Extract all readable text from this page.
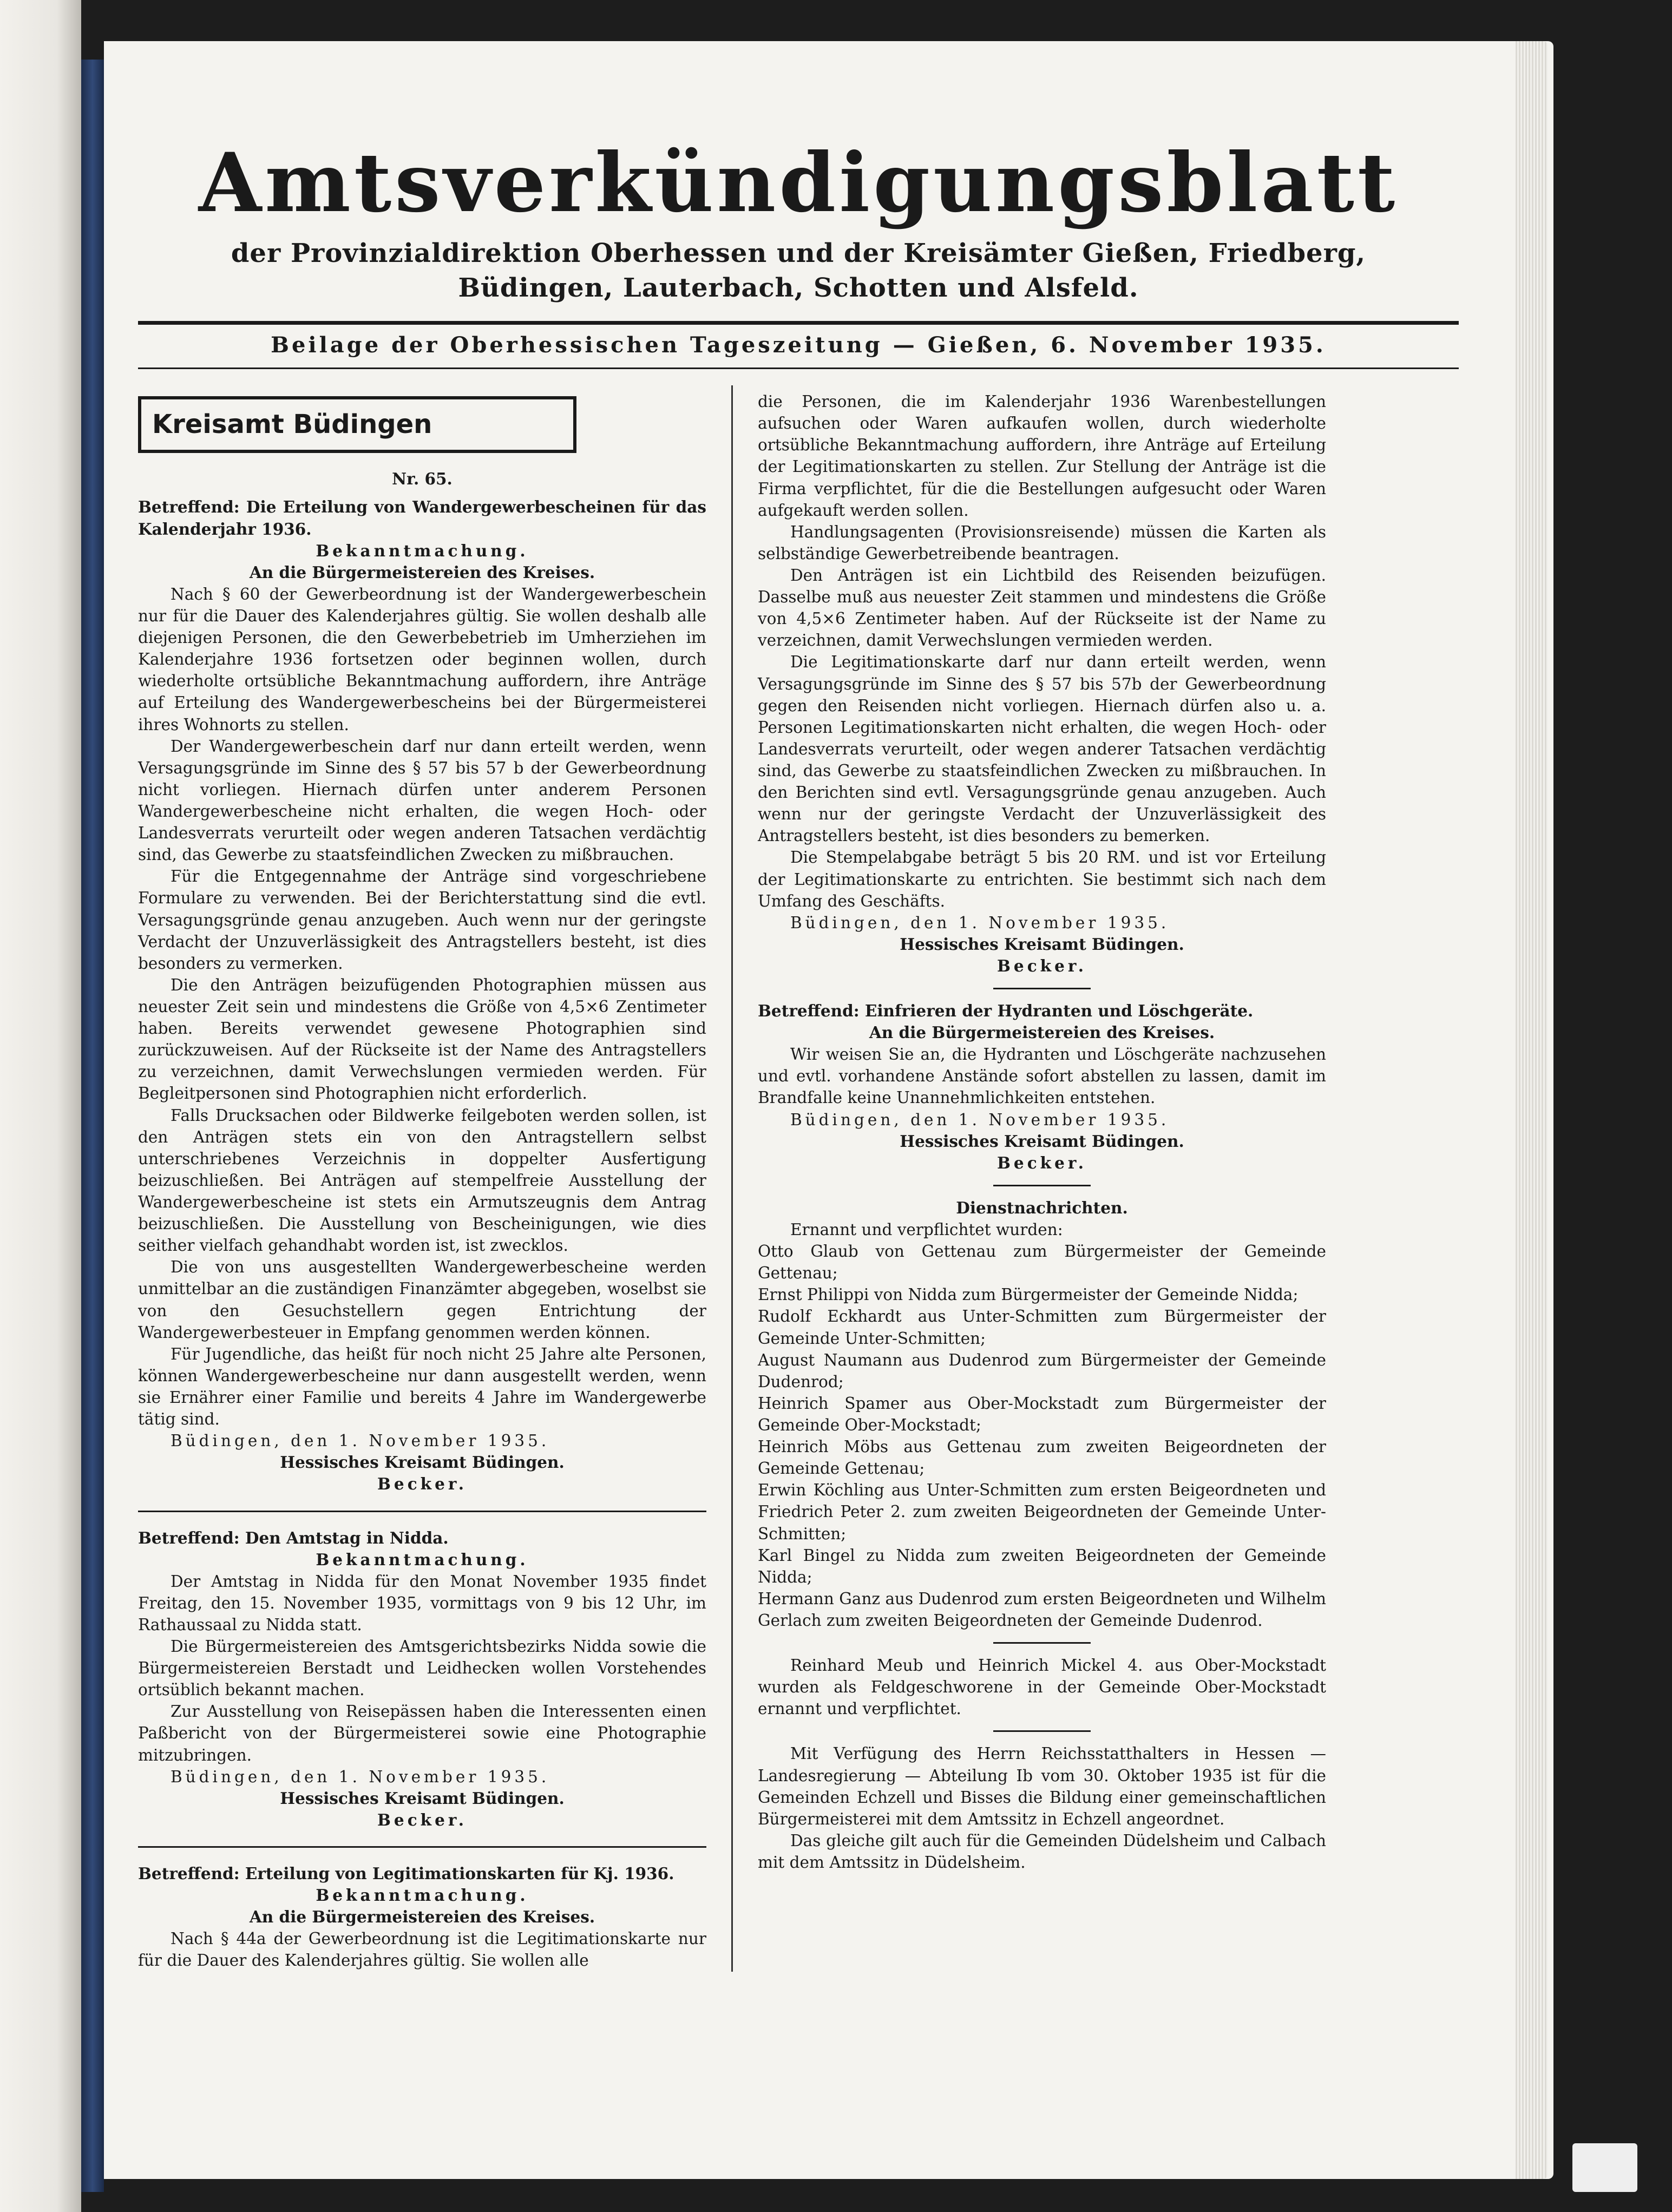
Amtsverkündigungsblatt
der Provinzialdirektion Oberhessen und der Kreisämter Gießen, Friedberg, Büdingen, Lauterbach, Schotten und Alsfeld.
Beilage der Oberhessischen Tageszeitung — Gießen, 6. November 1935.
Kreisamt Büdingen

Nr. 65.

Betreffend: Die Erteilung von Wandergewerbescheinen für das Kalenderjahr 1936.

Bekanntmachung.

An die Bürgermeistereien des Kreises.

Nach § 60 der Gewerbeordnung ist der Wandergewerbeschein nur für die Dauer des Kalenderjahres gültig. Sie wollen deshalb alle diejenigen Personen, die den Gewerbebetrieb im Umherziehen im Kalenderjahre 1936 fortsetzen oder beginnen wollen, durch wiederholte ortsübliche Bekanntmachung auffordern, ihre Anträge auf Erteilung des Wandergewerbescheins bei der Bürgermeisterei ihres Wohnorts zu stellen.

Der Wandergewerbeschein darf nur dann erteilt werden, wenn Versagungsgründe im Sinne des § 57 bis 57 b der Gewerbeordnung nicht vorliegen. Hiernach dürfen unter anderem Personen Wandergewerbescheine nicht erhalten, die wegen Hoch- oder Landesverrats verurteilt oder wegen anderen Tatsachen verdächtig sind, das Gewerbe zu staatsfeindlichen Zwecken zu mißbrauchen.

Für die Entgegennahme der Anträge sind vorgeschriebene Formulare zu verwenden. Bei der Berichterstattung sind die evtl. Versagungsgründe genau anzugeben. Auch wenn nur der geringste Verdacht der Unzuverlässigkeit des Antragstellers besteht, ist dies besonders zu vermerken.

Die den Anträgen beizufügenden Photographien müssen aus neuester Zeit sein und mindestens die Größe von 4,5×6 Zentimeter haben. Bereits verwendet gewesene Photographien sind zurückzuweisen. Auf der Rückseite ist der Name des Antragstellers zu verzeichnen, damit Verwechslungen vermieden werden. Für Begleitpersonen sind Photographien nicht erforderlich.

Falls Drucksachen oder Bildwerke feilgeboten werden sollen, ist den Anträgen stets ein von den Antragstellern selbst unterschriebenes Verzeichnis in doppelter Ausfertigung beizuschließen. Bei Anträgen auf stempelfreie Ausstellung der Wandergewerbescheine ist stets ein Armutszeugnis dem Antrag beizuschließen. Die Ausstellung von Bescheinigungen, wie dies seither vielfach gehandhabt worden ist, ist zwecklos.

Die von uns ausgestellten Wandergewerbescheine werden unmittelbar an die zuständigen Finanzämter abgegeben, woselbst sie von den Gesuchstellern gegen Entrichtung der Wandergewerbesteuer in Empfang genommen werden können.

Für Jugendliche, das heißt für noch nicht 25 Jahre alte Personen, können Wandergewerbescheine nur dann ausgestellt werden, wenn sie Ernährer einer Familie und bereits 4 Jahre im Wandergewerbe tätig sind.

Büdingen, den 1. November 1935.

Hessisches Kreisamt Büdingen.

Becker.

Betreffend: Den Amtstag in Nidda.

Bekanntmachung.

Der Amtstag in Nidda für den Monat November 1935 findet Freitag, den 15. November 1935, vormittags von 9 bis 12 Uhr, im Rathaussaal zu Nidda statt.

Die Bürgermeistereien des Amtsgerichtsbezirks Nidda sowie die Bürgermeistereien Berstadt und Leidhecken wollen Vorstehendes ortsüblich bekannt machen.

Zur Ausstellung von Reisepässen haben die Interessenten einen Paßbericht von der Bürgermeisterei sowie eine Photographie mitzubringen.

Büdingen, den 1. November 1935.

Hessisches Kreisamt Büdingen.

Becker.

Betreffend: Erteilung von Legitimationskarten für Kj. 1936.

Bekanntmachung.

An die Bürgermeistereien des Kreises.

Nach § 44a der Gewerbeordnung ist die Legitimationskarte nur für die Dauer des Kalenderjahres gültig. Sie wollen alle

die Personen, die im Kalenderjahr 1936 Warenbestellungen aufsuchen oder Waren aufkaufen wollen, durch wiederholte ortsübliche Bekanntmachung auffordern, ihre Anträge auf Erteilung der Legitimationskarten zu stellen. Zur Stellung der Anträge ist die Firma verpflichtet, für die die Bestellungen aufgesucht oder Waren aufgekauft werden sollen.

Handlungsagenten (Provisionsreisende) müssen die Karten als selbständige Gewerbetreibende beantragen.

Den Anträgen ist ein Lichtbild des Reisenden beizufügen. Dasselbe muß aus neuester Zeit stammen und mindestens die Größe von 4,5×6 Zentimeter haben. Auf der Rückseite ist der Name zu verzeichnen, damit Verwechslungen vermieden werden.

Die Legitimationskarte darf nur dann erteilt werden, wenn Versagungsgründe im Sinne des § 57 bis 57b der Gewerbeordnung gegen den Reisenden nicht vorliegen. Hiernach dürfen also u. a. Personen Legitimationskarten nicht erhalten, die wegen Hoch- oder Landesverrats verurteilt, oder wegen anderer Tatsachen verdächtig sind, das Gewerbe zu staatsfeindlichen Zwecken zu mißbrauchen. In den Berichten sind evtl. Versagungsgründe genau anzugeben. Auch wenn nur der geringste Verdacht der Unzuverlässigkeit des Antragstellers besteht, ist dies besonders zu bemerken.

Die Stempelabgabe beträgt 5 bis 20 RM. und ist vor Erteilung der Legitimationskarte zu entrichten. Sie bestimmt sich nach dem Umfang des Geschäfts.

Büdingen, den 1. November 1935.

Hessisches Kreisamt Büdingen.

Becker.

Betreffend: Einfrieren der Hydranten und Löschgeräte.

An die Bürgermeistereien des Kreises.

Wir weisen Sie an, die Hydranten und Löschgeräte nachzusehen und evtl. vorhandene Anstände sofort abstellen zu lassen, damit im Brandfalle keine Unannehmlichkeiten entstehen.

Büdingen, den 1. November 1935.

Hessisches Kreisamt Büdingen.

Becker.

Dienstnachrichten.

Ernannt und verpflichtet wurden:

Otto Glaub von Gettenau zum Bürgermeister der Gemeinde Gettenau;

Ernst Philippi von Nidda zum Bürgermeister der Gemeinde Nidda;

Rudolf Eckhardt aus Unter-Schmitten zum Bürgermeister der Gemeinde Unter-Schmitten;

August Naumann aus Dudenrod zum Bürgermeister der Gemeinde Dudenrod;

Heinrich Spamer aus Ober-Mockstadt zum Bürgermeister der Gemeinde Ober-Mockstadt;

Heinrich Möbs aus Gettenau zum zweiten Beigeordneten der Gemeinde Gettenau;

Erwin Köchling aus Unter-Schmitten zum ersten Beigeordneten und Friedrich Peter 2. zum zweiten Beigeordneten der Gemeinde Unter-Schmitten;

Karl Bingel zu Nidda zum zweiten Beigeordneten der Gemeinde Nidda;

Hermann Ganz aus Dudenrod zum ersten Beigeordneten und Wilhelm Gerlach zum zweiten Beigeordneten der Gemeinde Dudenrod.

Reinhard Meub und Heinrich Mickel 4. aus Ober-Mockstadt wurden als Feldgeschworene in der Gemeinde Ober-Mockstadt ernannt und verpflichtet.

Mit Verfügung des Herrn Reichsstatthalters in Hessen — Landesregierung — Abteilung Ib vom 30. Oktober 1935 ist für die Gemeinden Echzell und Bisses die Bildung einer gemeinschaftlichen Bürgermeisterei mit dem Amtssitz in Echzell angeordnet.

Das gleiche gilt auch für die Gemeinden Düdelsheim und Calbach mit dem Amtssitz in Düdelsheim.
